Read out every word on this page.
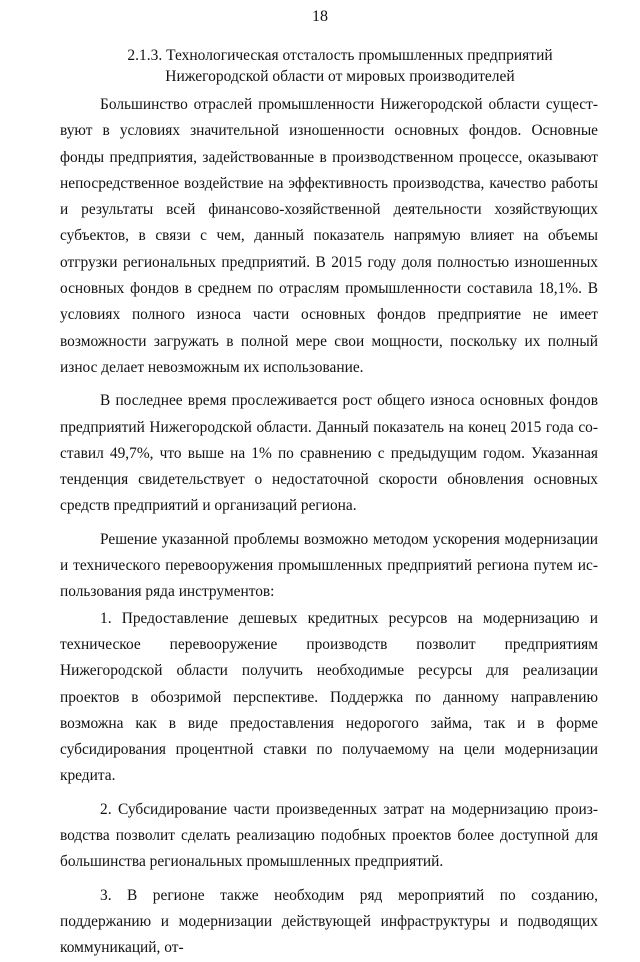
18
2.1.3. Технологическая отсталость промышленных предприятий
Нижегородской области от мировых производителей

Большинство отраслей промышленности Нижегородской области существуют в условиях значительной изношенности основных фондов. Основные фонды предприятия, задействованные в производственном процессе, оказывают непосредственное воздействие на эффективность производства, качество работы и результаты всей финансово-хозяйственной деятельности хозяйствующих субъектов, в связи с чем, данный показатель напрямую влияет на объемы отгрузки региональных предприятий. В 2015 году доля полностью изношенных основных фондов в среднем по отраслям промышленности составила 18,1%. В условиях полного износа части основных фондов предприятие не имеет возможности загружать в полной мере свои мощности, поскольку их полный износ делает невозможным их использование.

В последнее время прослеживается рост общего износа основных фондов предприятий Нижегородской области. Данный показатель на конец 2015 года составил 49,7%, что выше на 1% по сравнению с предыдущим годом. Указанная тенденция свидетельствует о недостаточной скорости обновления основных средств предприятий и организаций региона.

Решение указанной проблемы возможно методом ускорения модернизации и технического перевооружения промышленных предприятий региона путем использования ряда инструментов:

1. Предоставление дешевых кредитных ресурсов на модернизацию и техническое перевооружение производств позволит предприятиям Нижегородской области получить необходимые ресурсы для реализации проектов в обозримой перспективе. Поддержка по данному направлению возможна как в виде предоставления недорогого займа, так и в форме субсидирования процентной ставки по получаемому на цели модернизации кредита.

2. Субсидирование части произведенных затрат на модернизацию производства позволит сделать реализацию подобных проектов более доступной для большинства региональных промышленных предприятий.

3. В регионе также необходим ряд мероприятий по созданию, поддержанию и модернизации действующей инфраструктуры и подводящих коммуникаций, от-
